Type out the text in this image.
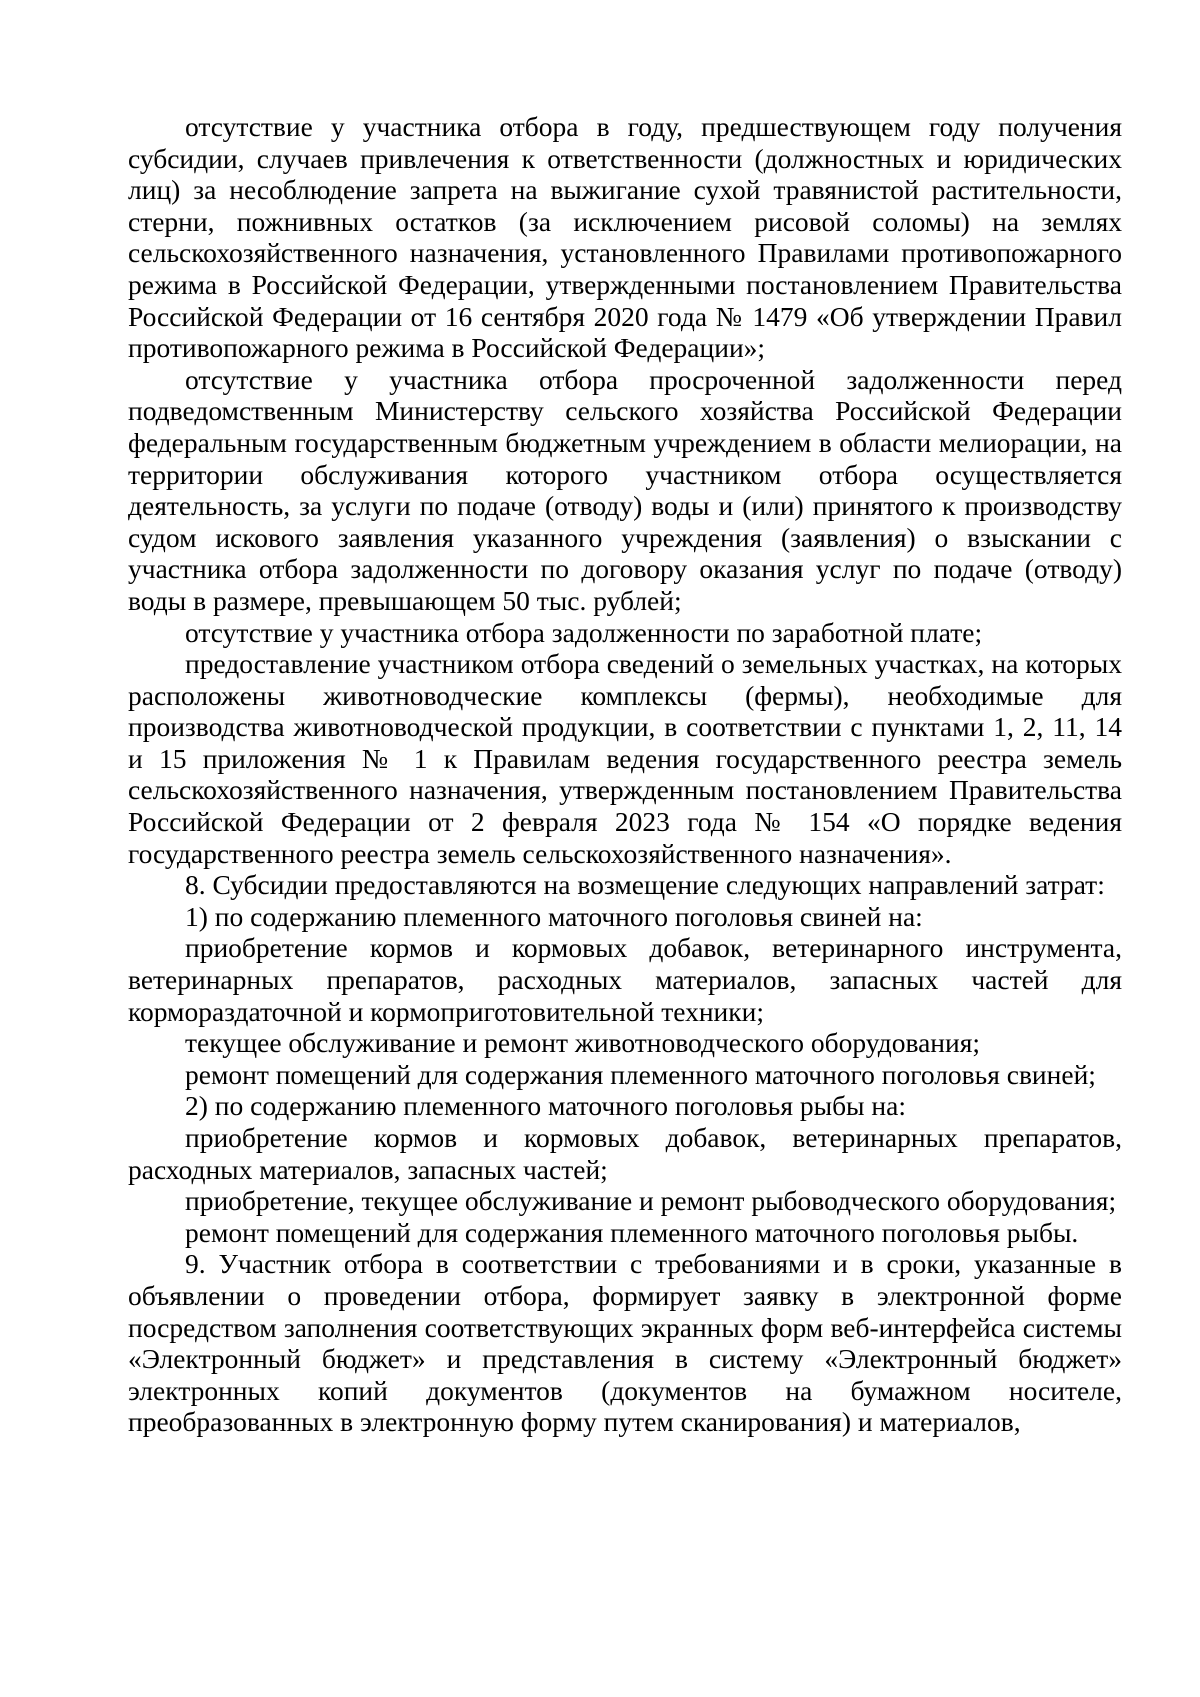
отсутствие у участника отбора в году, предшествующем году получения субсидии, случаев привлечения к ответственности (должностных и юридических лиц) за несоблюдение запрета на выжигание сухой травянистой растительности, стерни, пожнивных остатков (за исключением рисовой соломы) на землях сельскохозяйственного назначения, установленного Правилами противопожарного режима в Российской Федерации, утвержденными постановлением Правительства Российской Федерации от 16 сентября 2020 года № 1479 «Об утверждении Правил противопожарного режима в Российской Федерации»;

отсутствие у участника отбора просроченной задолженности перед подведомственным Министерству сельского хозяйства Российской Федерации федеральным государственным бюджетным учреждением в области мелиорации, на территории обслуживания которого участником отбора осуществляется деятельность, за услуги по подаче (отводу) воды и (или) принятого к производству судом искового заявления указанного учреждения (заявления) о взыскании с участника отбора задолженности по договору оказания услуг по подаче (отводу) воды в размере, превышающем 50 тыс. рублей;

отсутствие у участника отбора задолженности по заработной плате;

предоставление участником отбора сведений о земельных участках, на которых расположены животноводческие комплексы (фермы), необходимые для производства животноводческой продукции, в соответствии с пунктами 1, 2, 11, 14 и 15 приложения № 1 к Правилам ведения государственного реестра земель сельскохозяйственного назначения, утвержденным постановлением Правительства Российской Федерации от 2 февраля 2023 года № 154 «О порядке ведения государственного реестра земель сельскохозяйственного назначения».

8. Субсидии предоставляются на возмещение следующих направлений затрат:

1) по содержанию племенного маточного поголовья свиней на:

приобретение кормов и кормовых добавок, ветеринарного инструмента, ветеринарных препаратов, расходных материалов, запасных частей для кормораздаточной и кормоприготовительной техники;

текущее обслуживание и ремонт животноводческого оборудования;

ремонт помещений для содержания племенного маточного поголовья свиней;

2) по содержанию племенного маточного поголовья рыбы на:

приобретение кормов и кормовых добавок, ветеринарных препаратов, расходных материалов, запасных частей;

приобретение, текущее обслуживание и ремонт рыбоводческого оборудования;

ремонт помещений для содержания племенного маточного поголовья рыбы.

9. Участник отбора в соответствии с требованиями и в сроки, указанные в объявлении о проведении отбора, формирует заявку в электронной форме посредством заполнения соответствующих экранных форм веб-интерфейса системы «Электронный бюджет» и представления в систему «Электронный бюджет» электронных копий документов (документов на бумажном носителе, преобразованных в электронную форму путем сканирования) и материалов,
